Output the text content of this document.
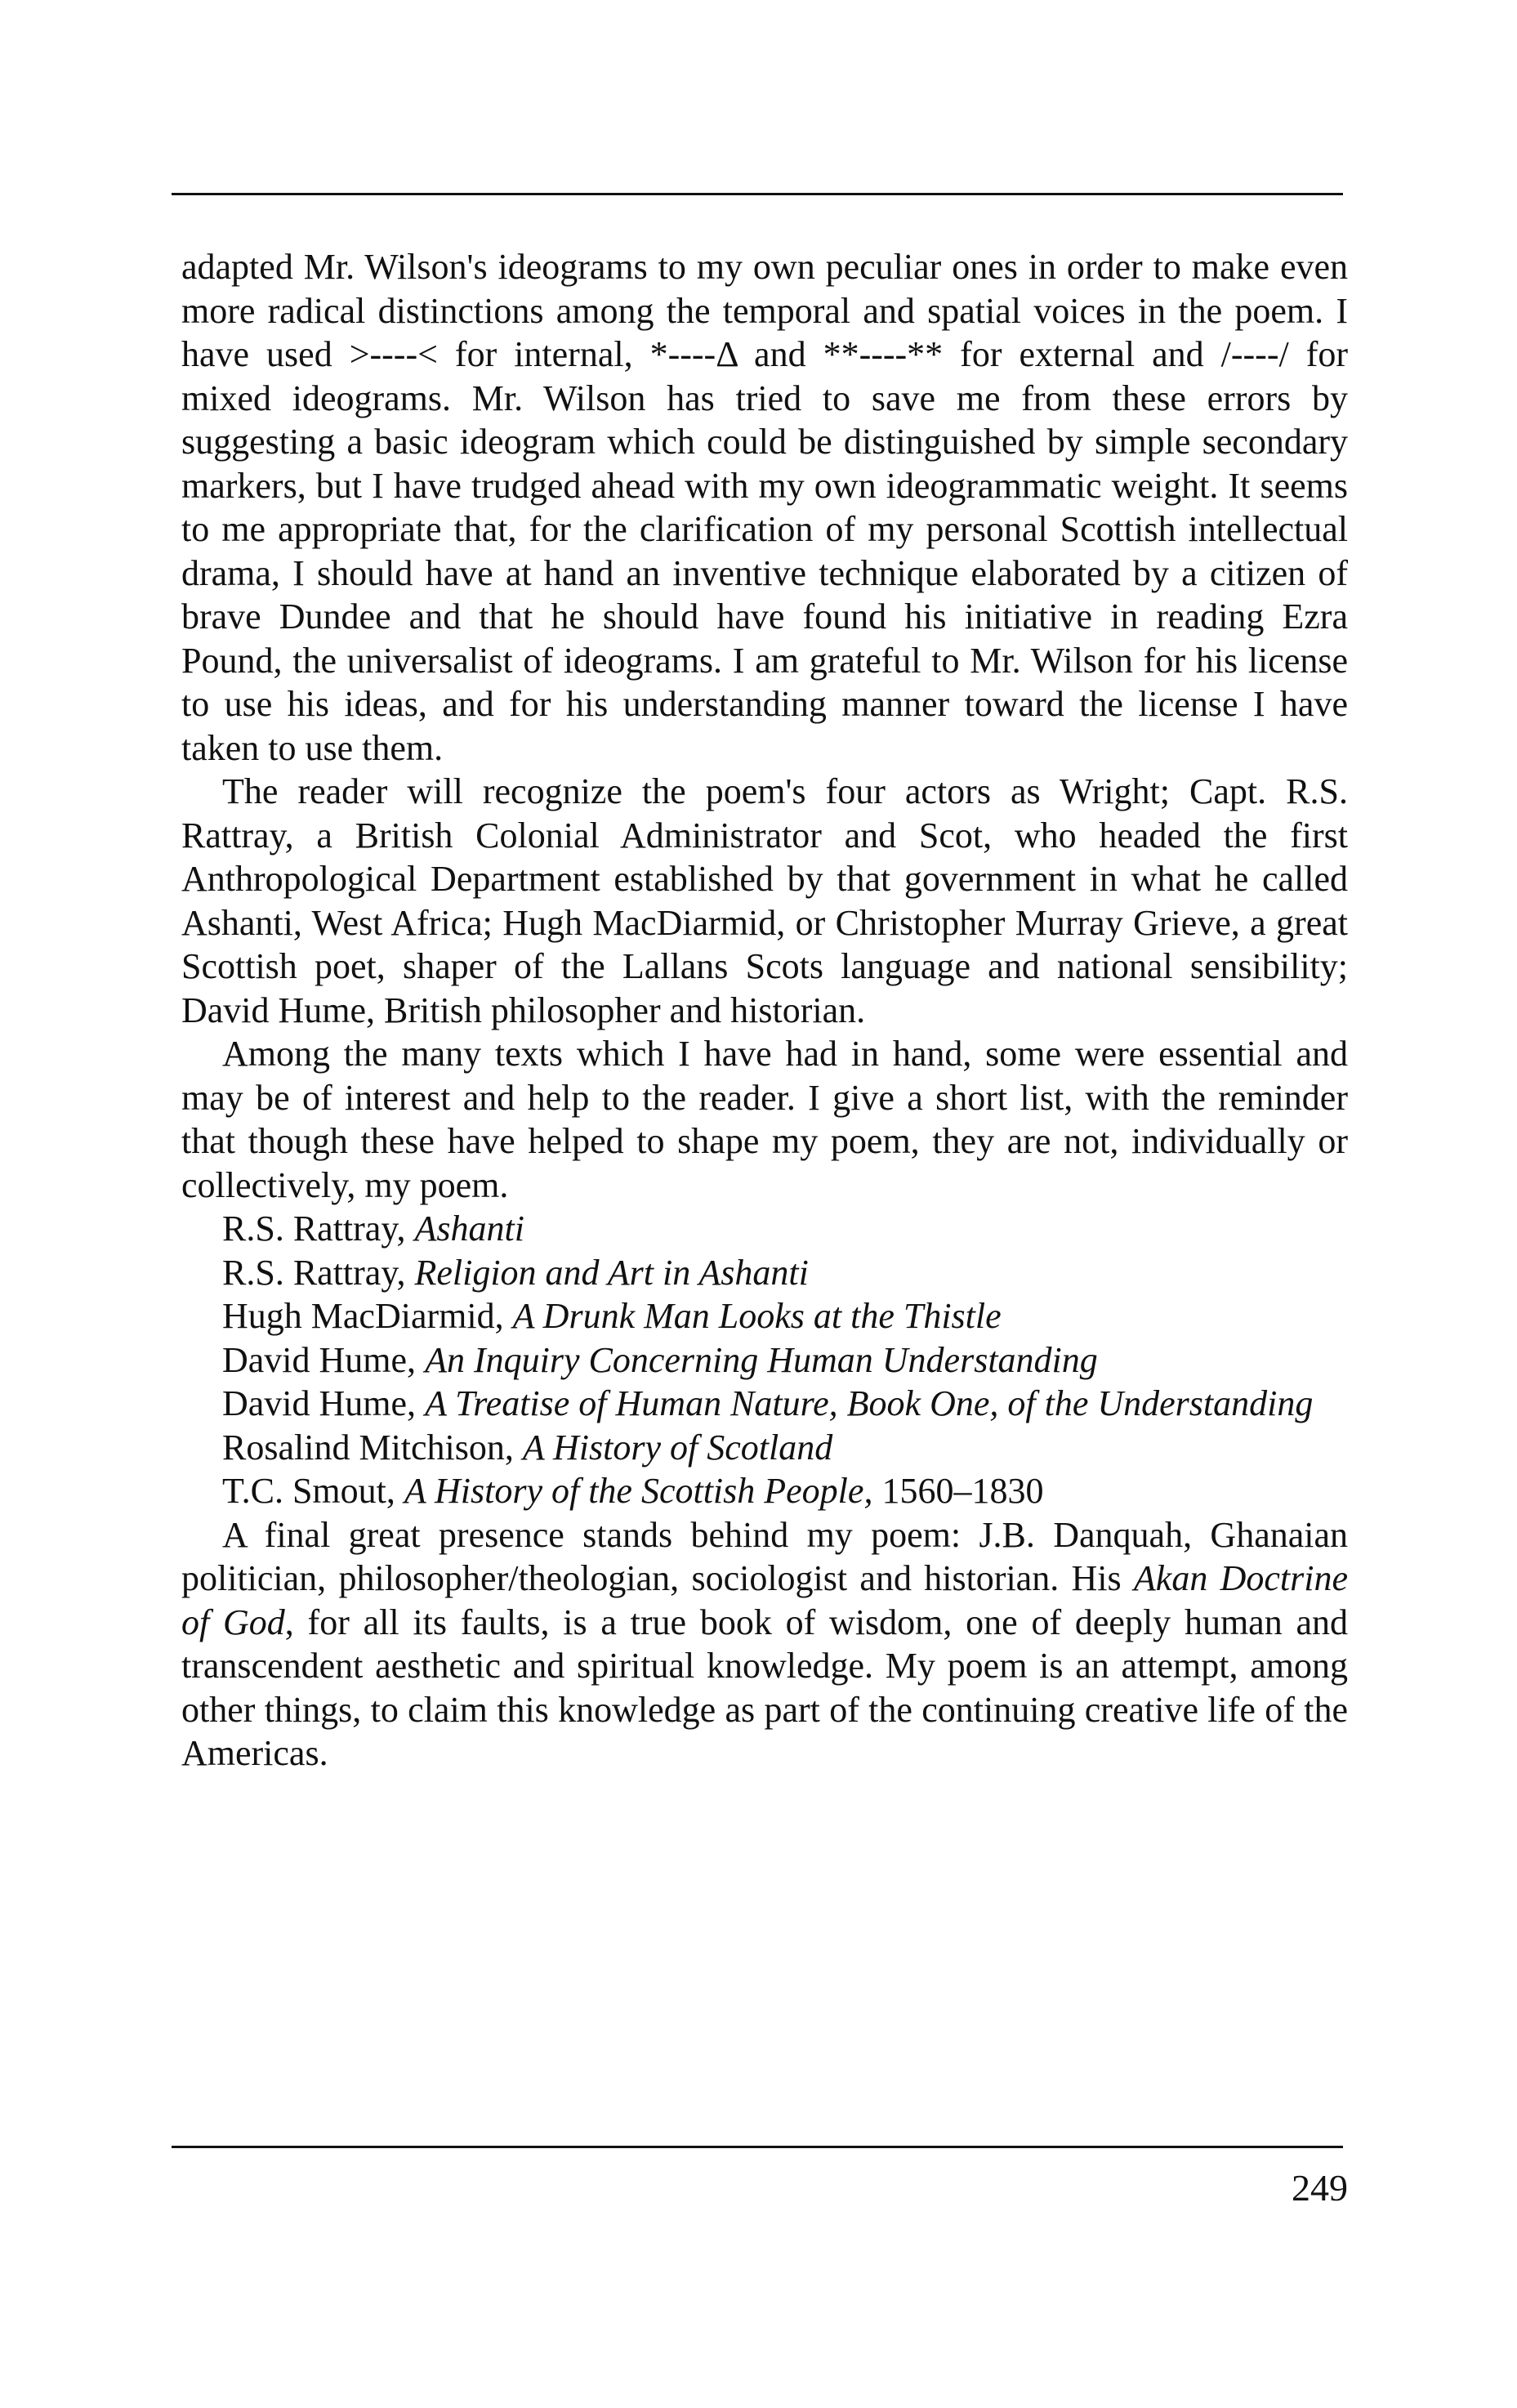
adapted Mr. Wilson's ideograms to my own peculiar ones in order to make even more radical distinctions among the temporal and spatial voices in the poem. I have used >----< for internal, *----Δ and **----** for external and /----/ for mixed ideograms. Mr. Wilson has tried to save me from these errors by suggesting a basic ideogram which could be distinguished by simple secondary markers, but I have trudged ahead with my own ideogrammatic weight. It seems to me appropriate that, for the clarification of my personal Scottish intellectual drama, I should have at hand an inventive technique elaborated by a citizen of brave Dundee and that he should have found his initiative in reading Ezra Pound, the universalist of ideograms. I am grateful to Mr. Wilson for his license to use his ideas, and for his understanding manner toward the license I have taken to use them.

The reader will recognize the poem's four actors as Wright; Capt. R.S. Rattray, a British Colonial Administrator and Scot, who headed the first Anthropological Department established by that government in what he called Ashanti, West Africa; Hugh MacDiarmid, or Christopher Murray Grieve, a great Scottish poet, shaper of the Lallans Scots language and national sensibility; David Hume, British philosopher and historian.

Among the many texts which I have had in hand, some were essential and may be of interest and help to the reader. I give a short list, with the reminder that though these have helped to shape my poem, they are not, individually or collectively, my poem.

R.S. Rattray, Ashanti
R.S. Rattray, Religion and Art in Ashanti
Hugh MacDiarmid, A Drunk Man Looks at the Thistle
David Hume, An Inquiry Concerning Human Understanding
David Hume, A Treatise of Human Nature, Book One, of the Understanding
Rosalind Mitchison, A History of Scotland
T.C. Smout, A History of the Scottish People, 1560–1830

A final great presence stands behind my poem: J.B. Danquah, Ghanaian politician, philosopher/theologian, sociologist and historian. His Akan Doctrine of God, for all its faults, is a true book of wisdom, one of deeply human and transcendent aesthetic and spiritual knowledge. My poem is an attempt, among other things, to claim this knowledge as part of the continuing creative life of the Americas.

249
